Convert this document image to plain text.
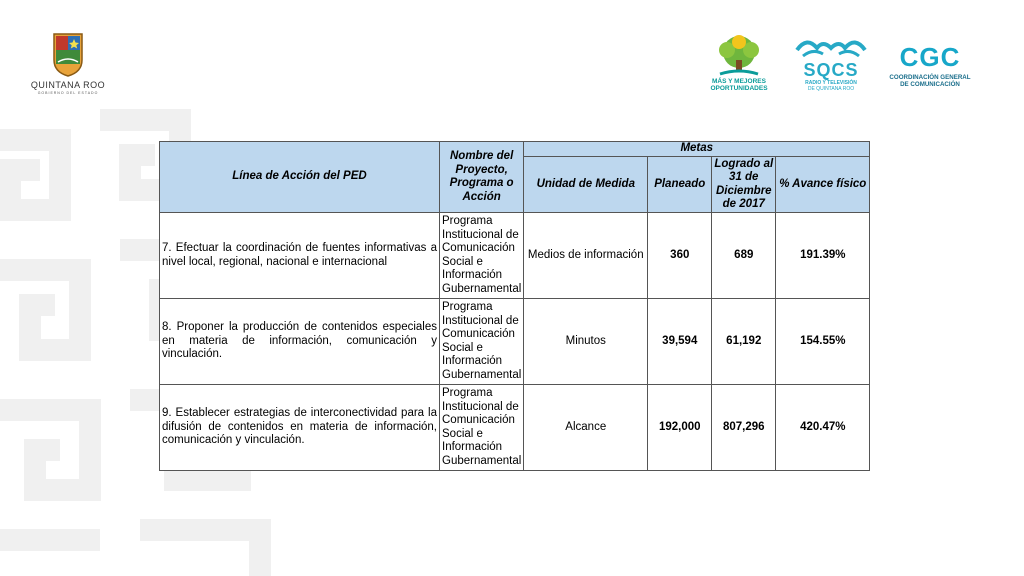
QUINTANA ROO
GOBIERNO DEL ESTADO
MÁS Y MEJORES
OPORTUNIDADES
SQCS
RADIO Y TELEVISIÓN
DE QUINTANA ROO
CGC
COORDINACIÓN GENERAL
DE COMUNICACIÓN
Línea de Acción del PED	Nombre del Proyecto, Programa o Acción	Metas			
		Unidad de Medida	Planeado	Logrado al 31 de Diciembre de 2017	% Avance físico
7. Efectuar la coordinación de fuentes informativas a nivel local, regional, nacional e internacional	Programa Institucional de Comunicación Social e Información Gubernamental	Medios de información	360	689	191.39%
8. Proponer la producción de contenidos especiales en materia de información, comunicación y vinculación.	Programa Institucional de Comunicación Social e Información Gubernamental	Minutos	39,594	61,192	154.55%
9. Establecer estrategias de interconectividad para la difusión de contenidos en materia de información, comunicación y vinculación.	Programa Institucional de Comunicación Social e Información Gubernamental	Alcance	192,000	807,296	420.47%
